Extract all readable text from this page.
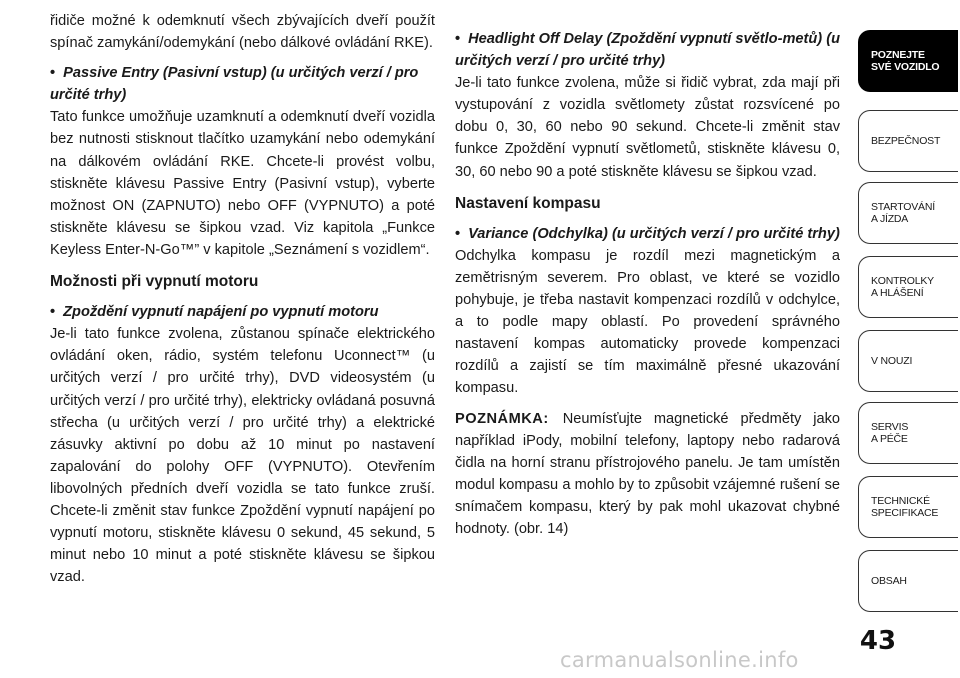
řidiče možné k odemknutí všech zbývajících dveří použít spínač zamykání/odemykání (nebo dálkové ovládání RKE).

• Passive Entry (Pasivní vstup) (u určitých verzí / pro určité trhy)

Tato funkce umožňuje uzamknutí a odemknutí dveří vozidla bez nutnosti stisknout tlačítko uzamykání nebo odemykání na dálkovém ovládání RKE. Chcete-li provést volbu, stiskněte klávesu Passive Entry (Pasivní vstup), vyberte možnost ON (ZAPNUTO) nebo OFF (VYPNUTO) a poté stiskněte klávesu se šipkou vzad. Viz kapitola „Funkce Keyless Enter-N-Go™” v kapitole „Seznámení s vozidlem“.

Možnosti při vypnutí motoru

• Zpoždění vypnutí napájení po vypnutí motoru

Je-li tato funkce zvolena, zůstanou spínače elektrického ovládání oken, rádio, systém telefonu Uconnect™ (u určitých verzí / pro určité trhy), DVD videosystém (u určitých verzí / pro určité trhy), elektricky ovládaná posuvná střecha (u určitých verzí / pro určité trhy) a elektrické zásuvky aktivní po dobu až 10 minut po nastavení zapalování do polohy OFF (VYPNUTO). Otevřením libovolných předních dveří vozidla se tato funkce zruší. Chcete-li změnit stav funkce Zpoždění vypnutí napájení po vypnutí motoru, stiskněte klávesu 0 sekund, 45 sekund, 5 minut nebo 10 minut a poté stiskněte klávesu se šipkou vzad.

• Headlight Off Delay (Zpoždění vypnutí světlo-metů) (u určitých verzí / pro určité trhy)

Je-li tato funkce zvolena, může si řidič vybrat, zda mají při vystupování z vozidla světlomety zůstat rozsvícené po dobu 0, 30, 60 nebo 90 sekund. Chcete-li změnit stav funkce Zpoždění vypnutí světlometů, stiskněte klávesu 0, 30, 60 nebo 90 a poté stiskněte klávesu se šipkou vzad.

Nastavení kompasu

• Variance (Odchylka) (u určitých verzí / pro určité trhy)

Odchylka kompasu je rozdíl mezi magnetickým a zemětrisným severem. Pro oblast, ve které se vozidlo pohybuje, je třeba nastavit kompenzaci rozdílů v odchylce, a to podle mapy oblastí. Po provedení správného nastavení kompas automaticky provede kompenzaci rozdílů a zajistí se tím maximálně přesné ukazování kompasu.

POZNÁMKA: Neumísťujte magnetické předměty jako například iPody, mobilní telefony, laptopy nebo radarová čidla na horní stranu přístrojového panelu. Je tam umístěn modul kompasu a mohlo by to způsobit vzájemné rušení se snímačem kompasu, který by pak mohl ukazovat chybné hodnoty. (obr. 14)

POZNEJTE
SVÉ VOZIDLO
BEZPEČNOST
STARTOVÁNÍ
A JÍZDA
KONTROLKY
A HLÁŠENÍ
V NOUZI
SERVIS
A PÉČE
TECHNICKÉ
SPECIFIKACE
OBSAH
43
carmanualsonline.info
